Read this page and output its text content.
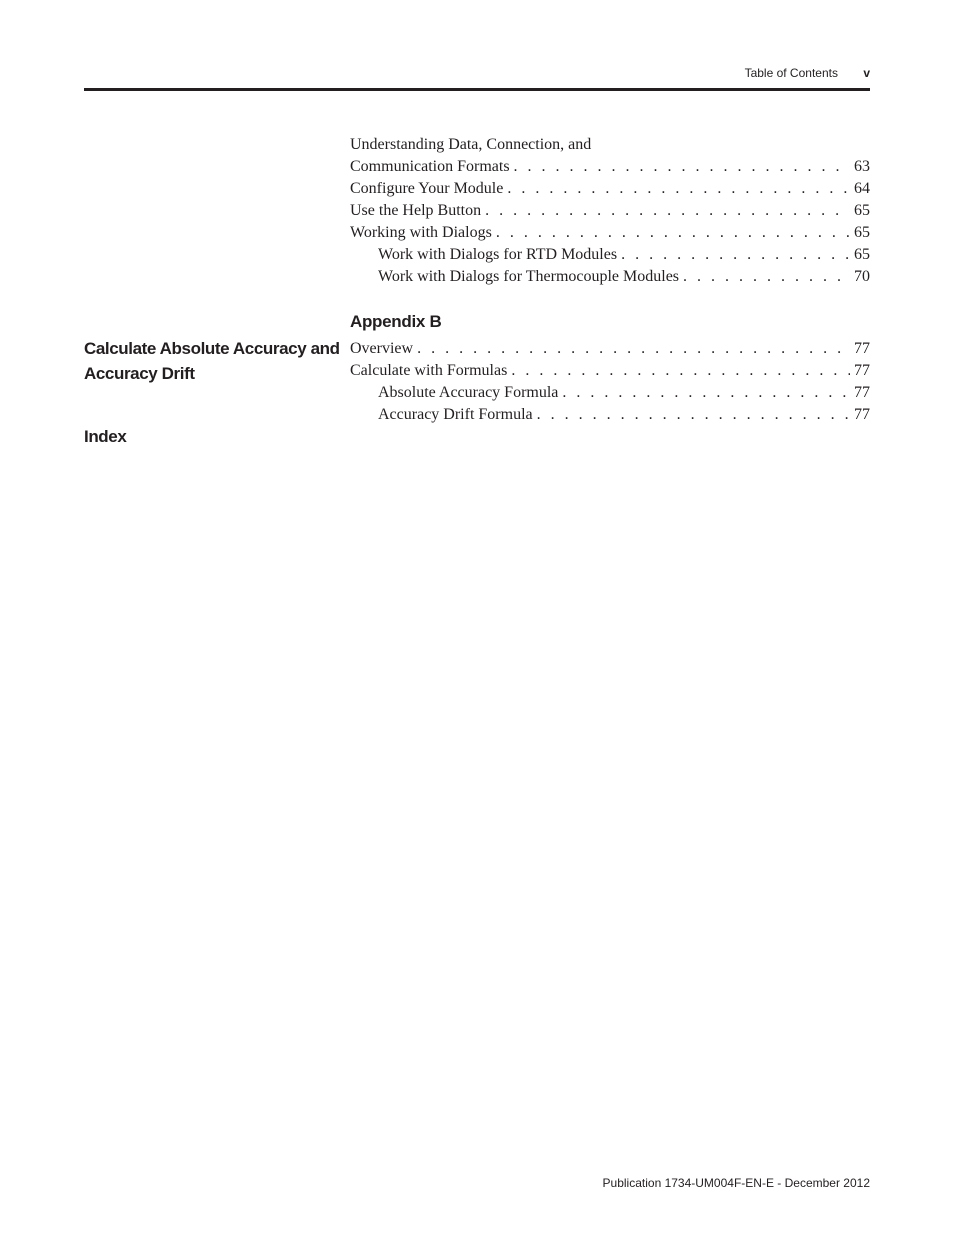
Table of Contents v
Understanding Data, Connection, and
Communication Formats . . .	63
Configure Your Module . . .	64
Use the Help Button . . .	65
Working with Dialogs . . .	65
Work with Dialogs for RTD Modules . . .	65
Work with Dialogs for Thermocouple Modules . . .	70
Appendix B
Calculate Absolute Accuracy and Accuracy Drift
Overview . . .	77
Calculate with Formulas . . .	77
Absolute Accuracy Formula . . .	77
Accuracy Drift Formula . . .	77
Index
Publication 1734-UM004F-EN-E - December 2012
